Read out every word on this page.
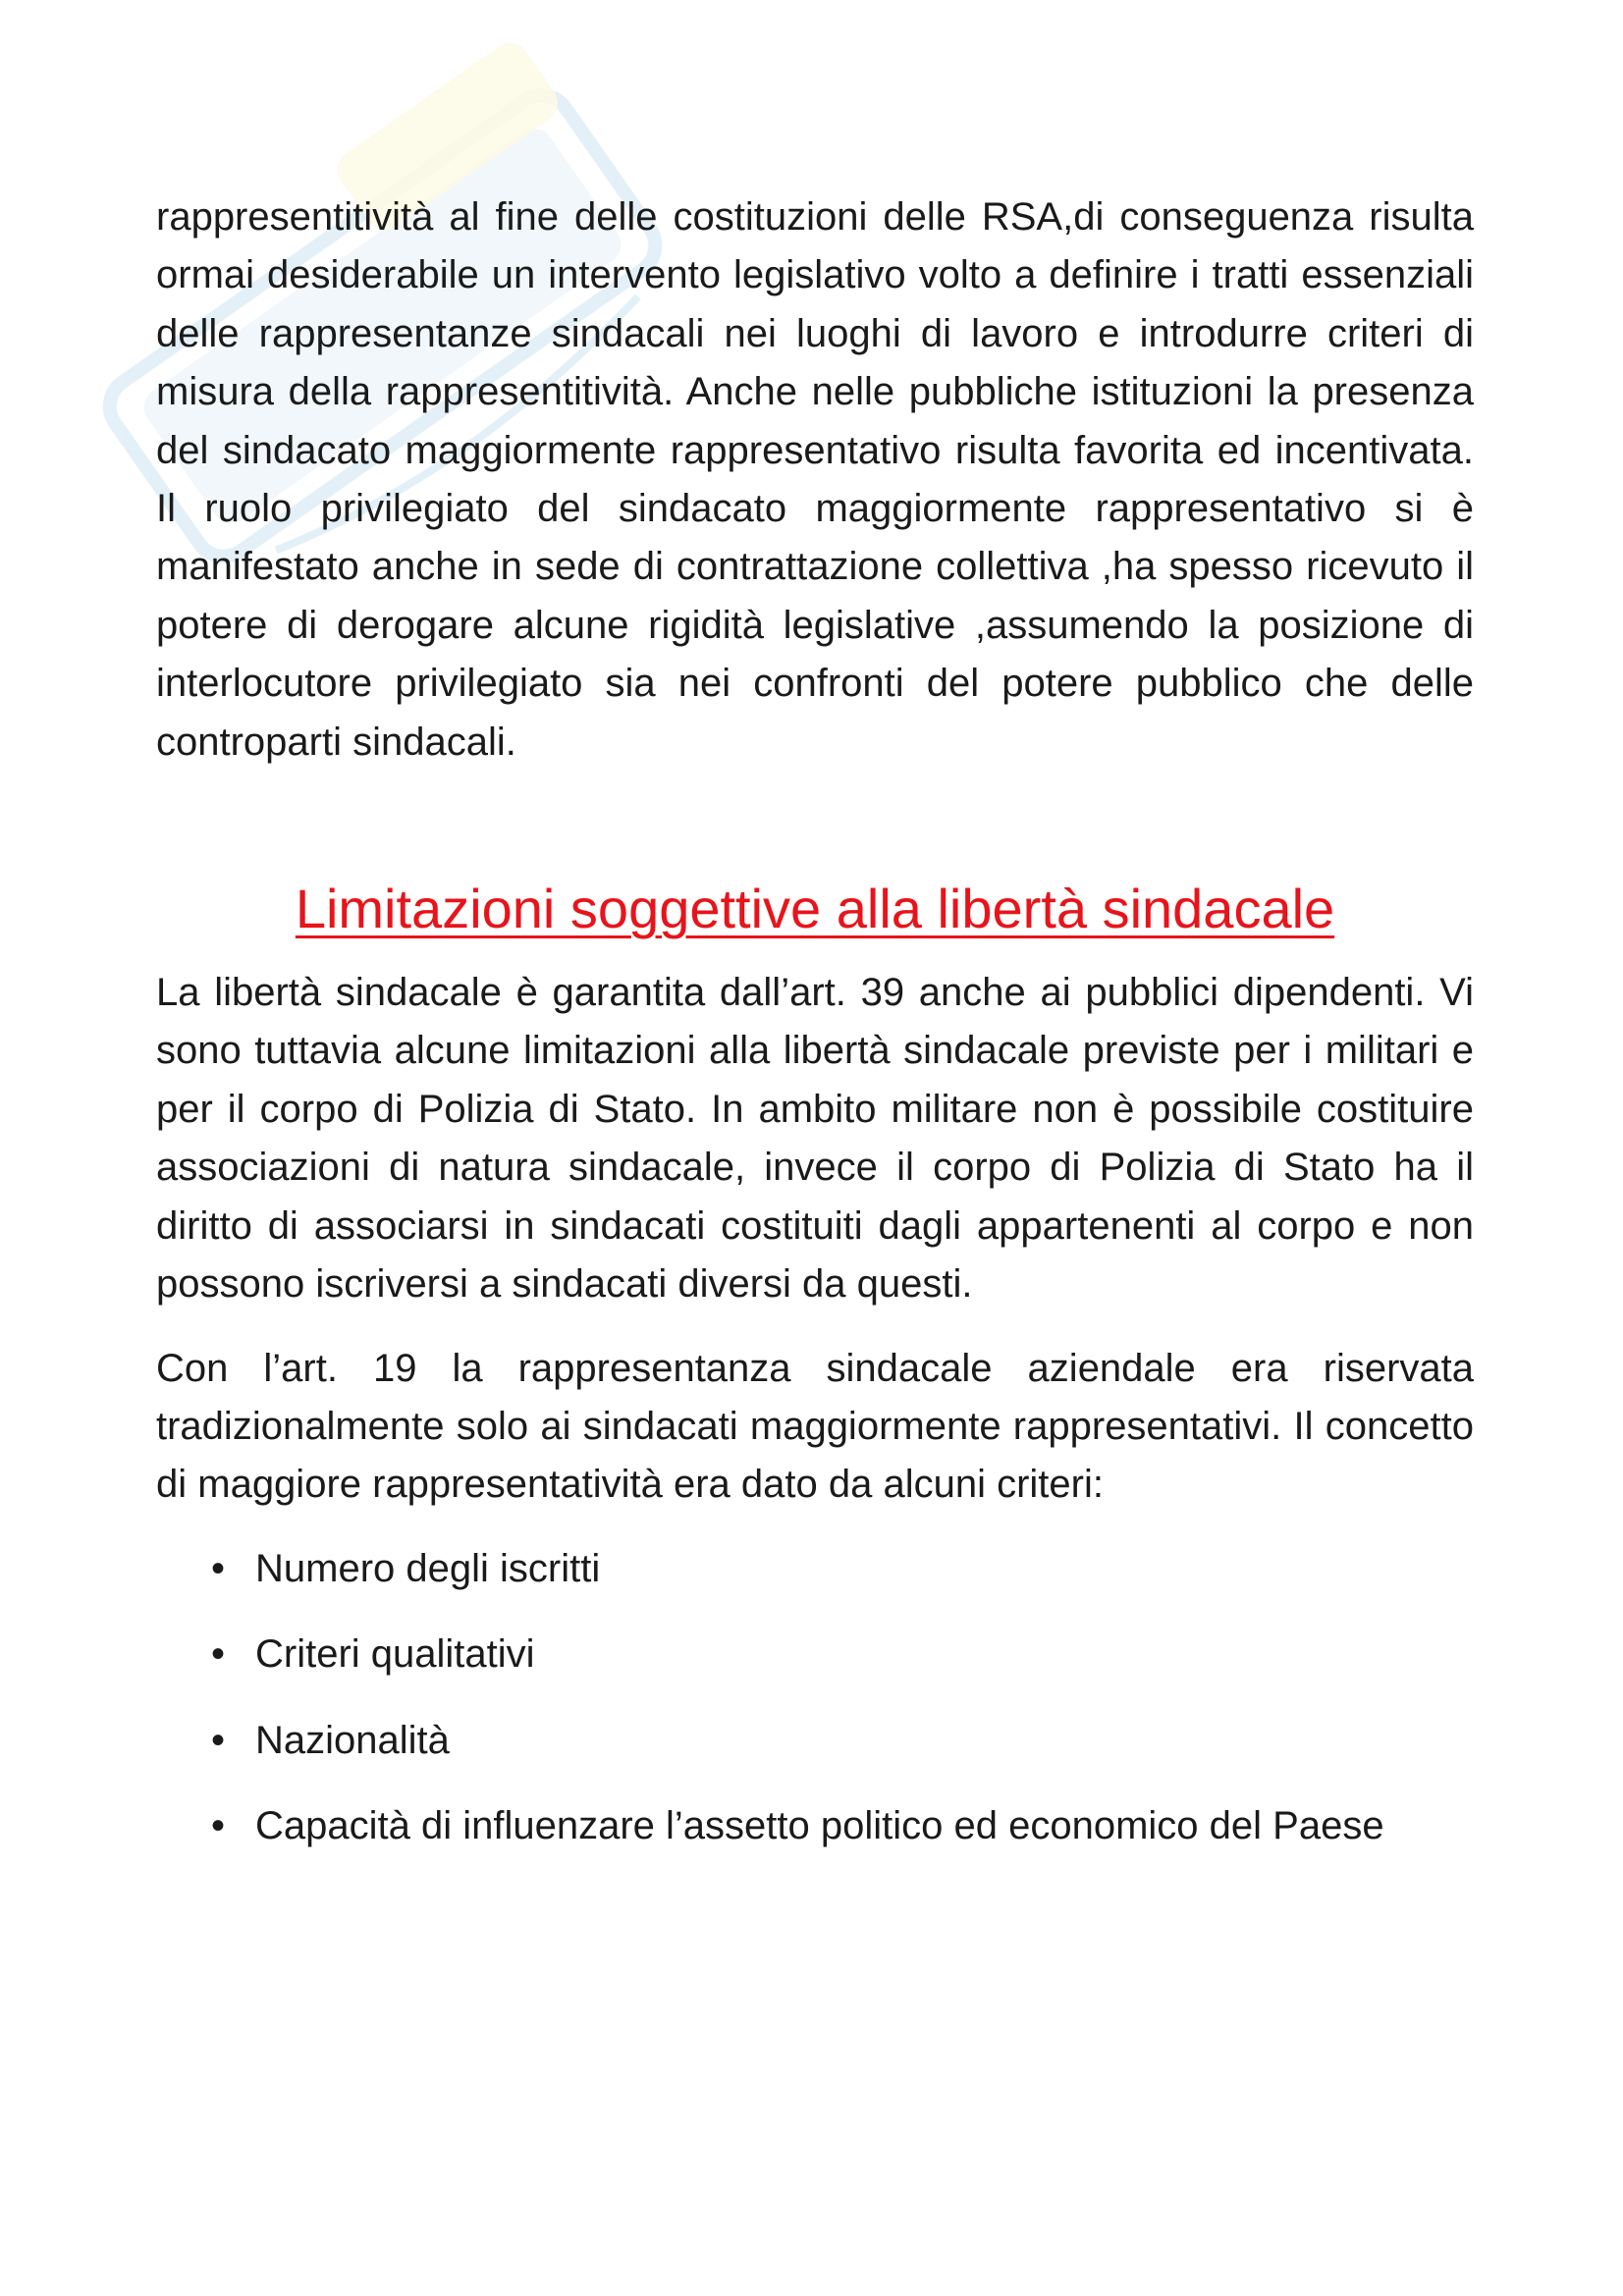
rappresentitività al fine delle costituzioni delle RSA,di conseguenza risulta ormai desiderabile un intervento legislativo volto a definire i tratti essenziali delle rappresentanze sindacali nei luoghi di lavoro e introdurre criteri di misura della rappresentitività. Anche nelle pubbliche istituzioni la presenza del sindacato maggiormente rappresentativo risulta favorita ed incentivata. Il ruolo privilegiato del sindacato maggiormente rappresentativo si è manifestato anche in sede di contrattazione collettiva ,ha spesso ricevuto il potere di derogare alcune rigidità legislative ,assumendo la posizione di interlocutore privilegiato sia nei confronti del potere pubblico che delle controparti sindacali.

Limitazioni soggettive alla libertà sindacale

La libertà sindacale è garantita dall’art. 39 anche ai pubblici dipendenti. Vi sono tuttavia alcune limitazioni alla libertà sindacale previste per i militari e per il corpo di Polizia di Stato. In ambito militare non è possibile costituire associazioni di natura sindacale, invece il corpo di Polizia di Stato ha il diritto di associarsi in sindacati costituiti dagli appartenenti al corpo e non possono iscriversi a sindacati diversi da questi.

Con l’art. 19 la rappresentanza sindacale aziendale era riservata tradizionalmente solo ai sindacati maggiormente rappresentativi. Il concetto di maggiore rappresentatività era dato da alcuni criteri:

• Numero degli iscritti
• Criteri qualitativi
• Nazionalità
• Capacità di influenzare l’assetto politico ed economico del Paese
